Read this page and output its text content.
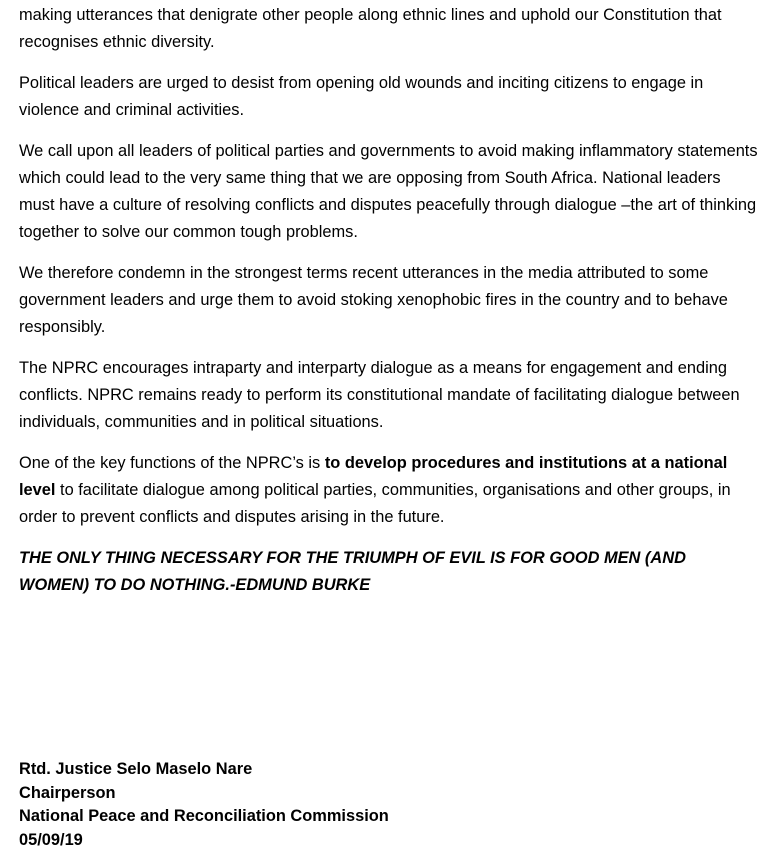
making utterances that denigrate other people along ethnic lines and uphold our Constitution that recognises ethnic diversity.

Political leaders are urged to desist from opening old wounds and inciting citizens to engage in violence and criminal activities.

We call upon all leaders of political parties and governments to avoid making inflammatory statements which could lead to the very same thing that we are opposing from South Africa. National leaders must have a culture of resolving conflicts and disputes peacefully through dialogue –the art of thinking together to solve our common tough problems.

We therefore condemn in the strongest terms recent utterances in the media attributed to some government leaders and urge them to avoid stoking xenophobic fires in the country and to behave responsibly.

The NPRC encourages intraparty and interparty dialogue as a means for engagement and ending conflicts. NPRC remains ready to perform its constitutional mandate of facilitating dialogue between individuals, communities and in political situations.

One of the key functions of the NPRC’s is to develop procedures and institutions at a national level to facilitate dialogue among political parties, communities, organisations and other groups, in order to prevent conflicts and disputes arising in the future.

THE ONLY THING NECESSARY FOR THE TRIUMPH OF EVIL IS FOR GOOD MEN (AND WOMEN) TO DO NOTHING.-EDMUND BURKE

Rtd. Justice Selo Maselo Nare

Chairperson

National Peace and Reconciliation Commission

05/09/19
